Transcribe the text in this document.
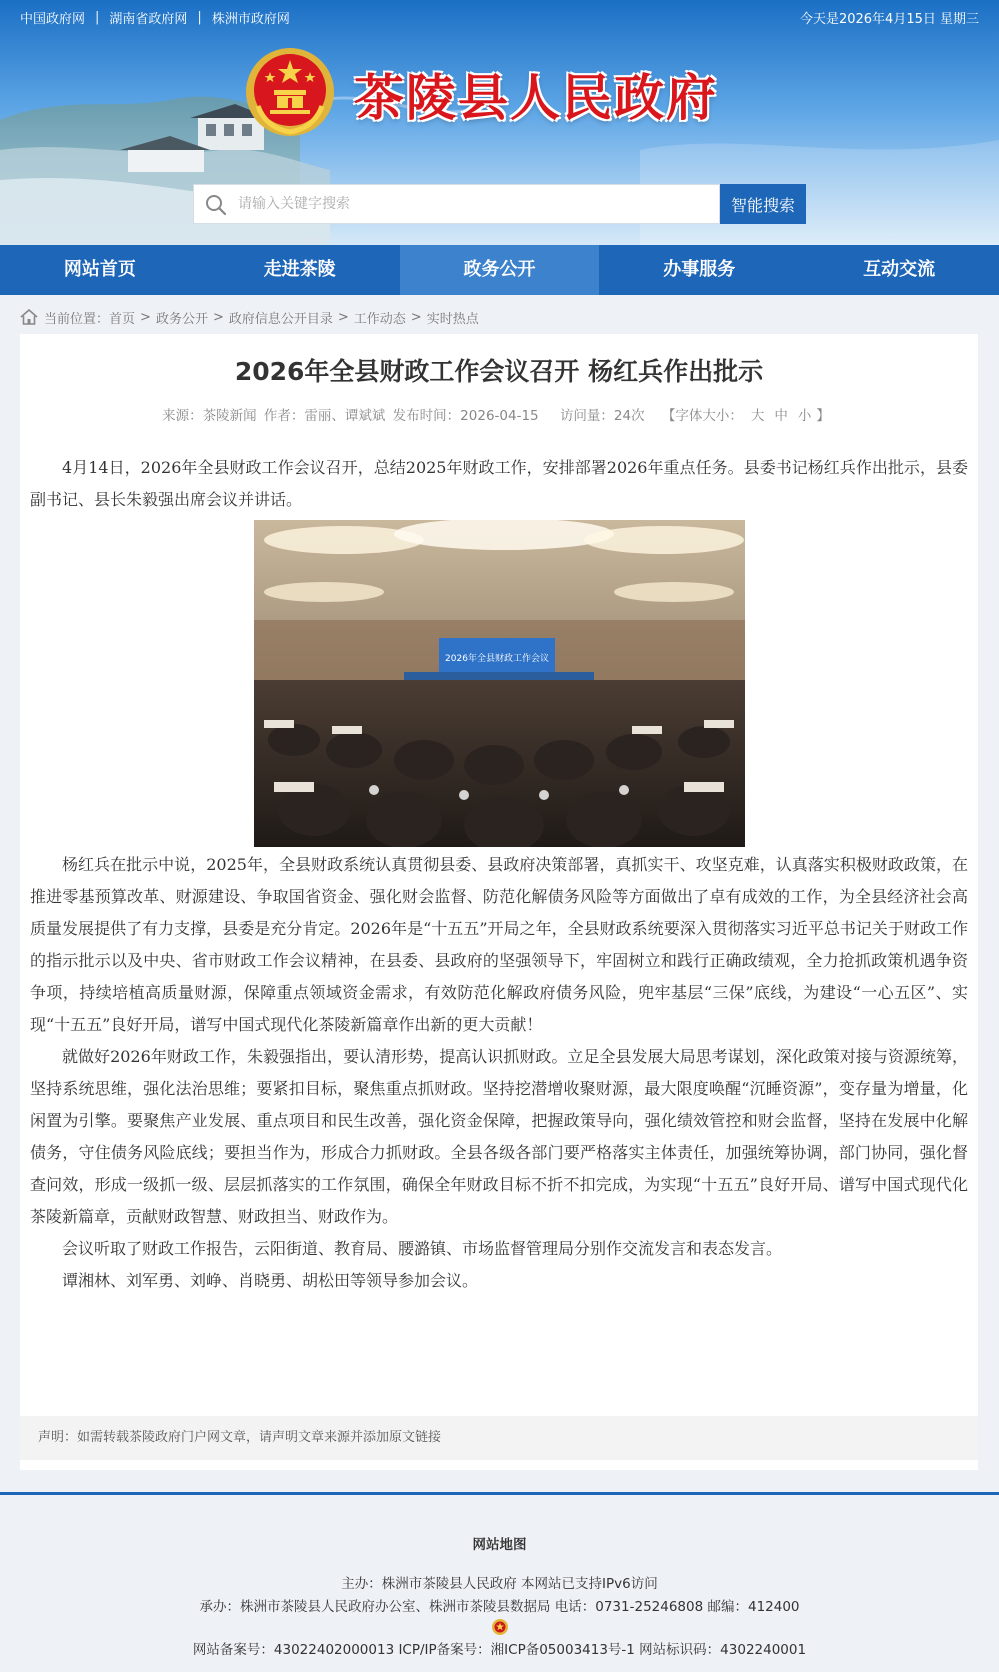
中国政府网 | 湖南省政府网 | 株洲市政府网	今天是2026年4月15日 星期三
茶陵县人民政府
请输入关键字搜索
智能搜索
网站首页	走进茶陵	政务公开	办事服务	互动交流
当前位置： 首页 > 政务公开 > 政府信息公开目录 > 工作动态 > 实时热点
2026年全县财政工作会议召开 杨红兵作出批示
来源：茶陵新闻 作者：雷丽、谭斌斌 发布时间：2026-04-15 访问量：24次 【字体大小： 大 中 小 】

4月14日，2026年全县财政工作会议召开，总结2025年财政工作，安排部署2026年重点任务。县委书记杨红兵作出批示，县委副书记、县长朱毅强出席会议并讲话。

2026年全县财政工作会议

杨红兵在批示中说，2025年，全县财政系统认真贯彻县委、县政府决策部署，真抓实干、攻坚克难，认真落实积极财政政策，在推进零基预算改革、财源建设、争取国省资金、强化财会监督、防范化解债务风险等方面做出了卓有成效的工作，为全县经济社会高质量发展提供了有力支撑，县委是充分肯定。2026年是“十五五”开局之年，全县财政系统要深入贯彻落实习近平总书记关于财政工作的指示批示以及中央、省市财政工作会议精神，在县委、县政府的坚强领导下，牢固树立和践行正确政绩观，全力抢抓政策机遇争资争项，持续培植高质量财源，保障重点领域资金需求，有效防范化解政府债务风险，兜牢基层“三保”底线，为建设“一心五区”、实现“十五五”良好开局，谱写中国式现代化茶陵新篇章作出新的更大贡献！

就做好2026年财政工作，朱毅强指出，要认清形势，提高认识抓财政。立足全县发展大局思考谋划，深化政策对接与资源统筹，坚持系统思维，强化法治思维；要紧扣目标，聚焦重点抓财政。坚持挖潜增收聚财源，最大限度唤醒“沉睡资源”，变存量为增量，化闲置为引擎。要聚焦产业发展、重点项目和民生改善，强化资金保障，把握政策导向，强化绩效管控和财会监督，坚持在发展中化解债务，守住债务风险底线；要担当作为，形成合力抓财政。全县各级各部门要严格落实主体责任，加强统筹协调，部门协同，强化督查问效，形成一级抓一级、层层抓落实的工作氛围，确保全年财政目标不折不扣完成，为实现“十五五”良好开局、谱写中国式现代化茶陵新篇章，贡献财政智慧、财政担当、财政作为。

会议听取了财政工作报告，云阳街道、教育局、腰潞镇、市场监督管理局分别作交流发言和表态发言。

谭湘林、刘军勇、刘峥、肖晓勇、胡松田等领导参加会议。

声明：如需转载茶陵政府门户网文章，请声明文章来源并添加原文链接
网站地图
主办：株洲市茶陵县人民政府 本网站已支持IPv6访问
承办：株洲市茶陵县人民政府办公室、株洲市茶陵县数据局 电话：0731-25246808 邮编：412400
网站备案号：43022402000013 ICP/IP备案号：湘ICP备05003413号-1 网站标识码：4302240001
